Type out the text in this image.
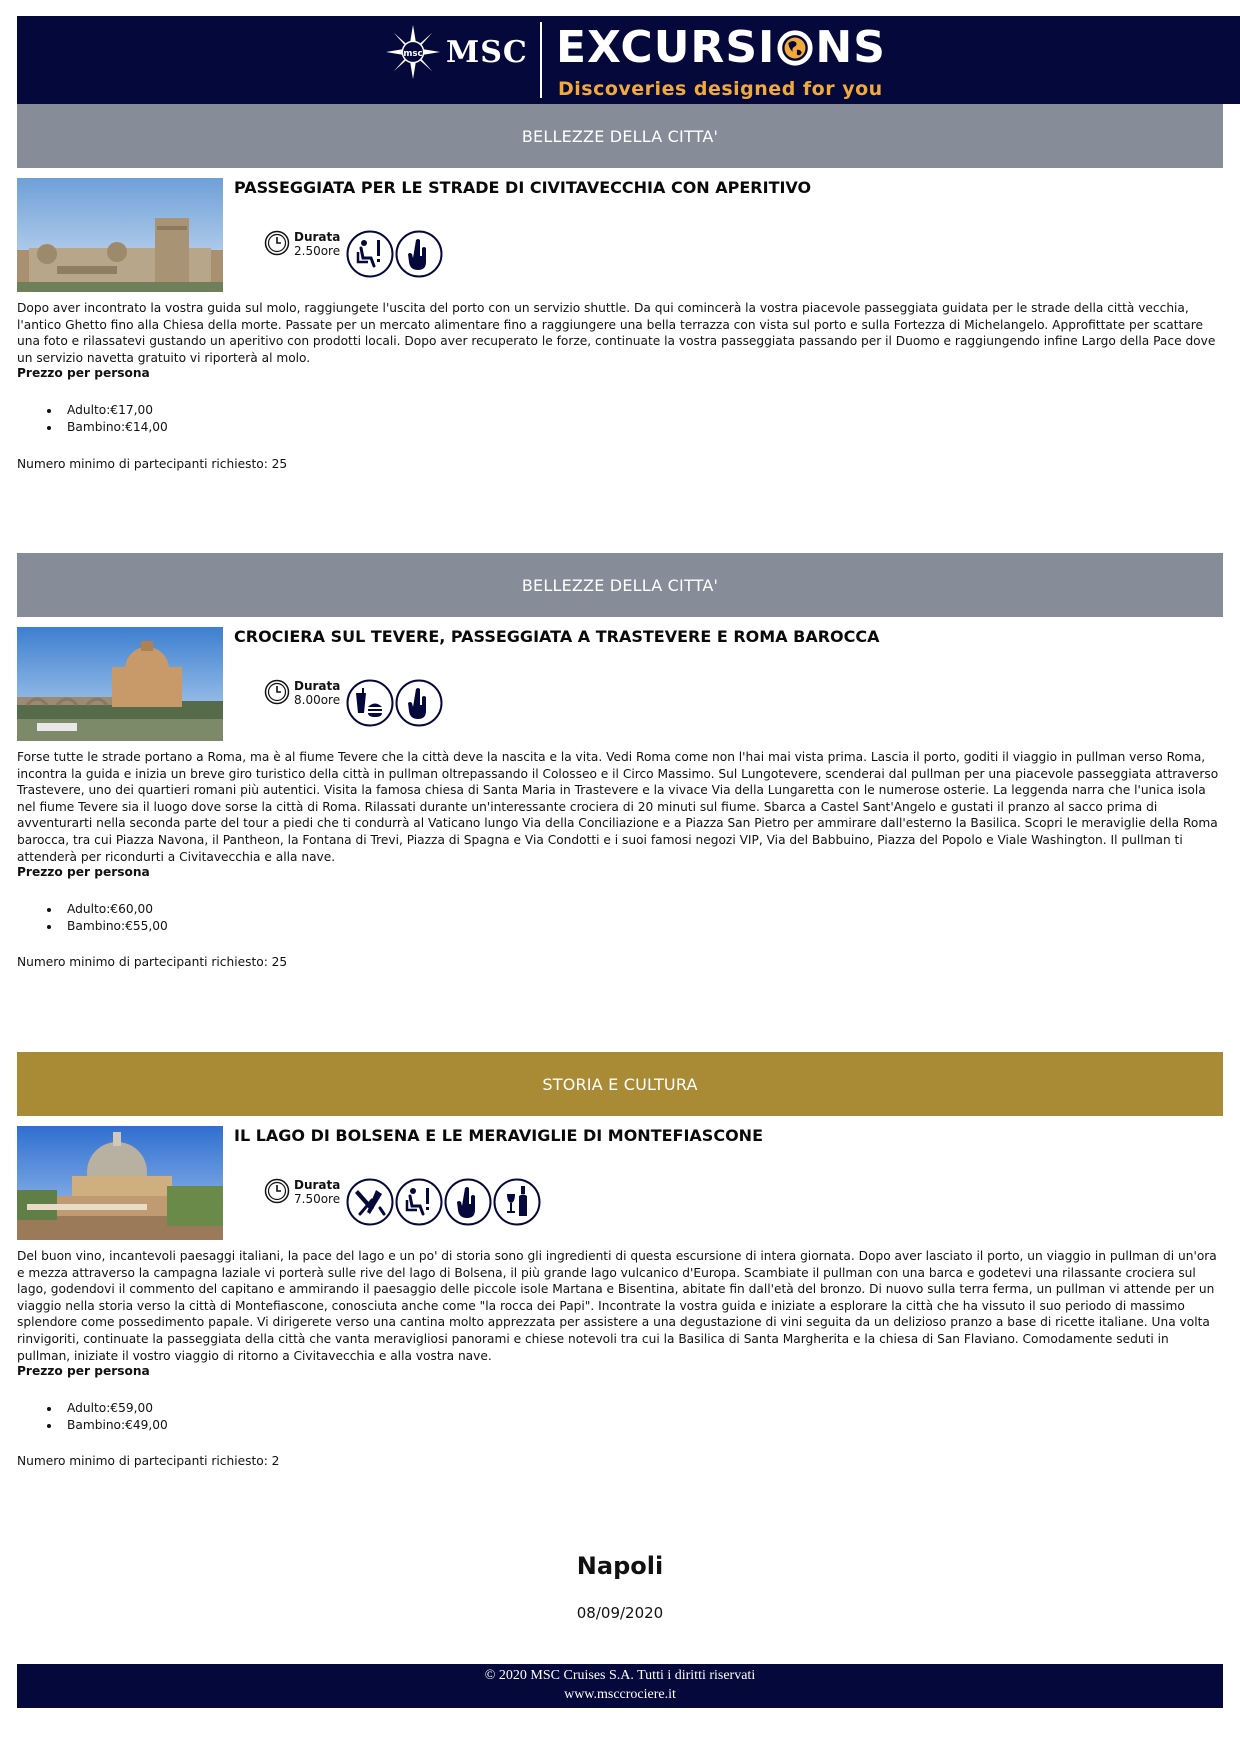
msc MSC EXCURSI NS
Discoveries designed for you
BELLEZZE DELLA CITTA'
PASSEGGIATA PER LE STRADE DI CIVITAVECCHIA CON APERITIVO
Durata
2.50ore
Dopo aver incontrato la vostra guida sul molo, raggiungete l'uscita del porto con un servizio shuttle. Da qui comincerà la vostra piacevole passeggiata guidata per le strade della città vecchia, l'antico Ghetto fino alla Chiesa della morte. Passate per un mercato alimentare fino a raggiungere una bella terrazza con vista sul porto e sulla Fortezza di Michelangelo. Approfittate per scattare una foto e rilassatevi gustando un aperitivo con prodotti locali. Dopo aver recuperato le forze, continuate la vostra passeggiata passando per il Duomo e raggiungendo infine Largo della Pace dove un servizio navetta gratuito vi riporterà al molo.
Prezzo per persona
• Adulto:€17,00
• Bambino:€14,00
Numero minimo di partecipanti richiesto: 25
BELLEZZE DELLA CITTA'
CROCIERA SUL TEVERE, PASSEGGIATA A TRASTEVERE E ROMA BAROCCA
Durata
8.00ore
Forse tutte le strade portano a Roma, ma è al fiume Tevere che la città deve la nascita e la vita. Vedi Roma come non l'hai mai vista prima. Lascia il porto, goditi il viaggio in pullman verso Roma, incontra la guida e inizia un breve giro turistico della città in pullman oltrepassando il Colosseo e il Circo Massimo. Sul Lungotevere, scenderai dal pullman per una piacevole passeggiata attraverso Trastevere, uno dei quartieri romani più autentici. Visita la famosa chiesa di Santa Maria in Trastevere e la vivace Via della Lungaretta con le numerose osterie. La leggenda narra che l'unica isola nel fiume Tevere sia il luogo dove sorse la città di Roma. Rilassati durante un'interessante crociera di 20 minuti sul fiume. Sbarca a Castel Sant'Angelo e gustati il pranzo al sacco prima di avventurarti nella seconda parte del tour a piedi che ti condurrà al Vaticano lungo Via della Conciliazione e a Piazza San Pietro per ammirare dall'esterno la Basilica. Scopri le meraviglie della Roma barocca, tra cui Piazza Navona, il Pantheon, la Fontana di Trevi, Piazza di Spagna e Via Condotti e i suoi famosi negozi VIP, Via del Babbuino, Piazza del Popolo e Viale Washington. Il pullman ti attenderà per ricondurti a Civitavecchia e alla nave.
Prezzo per persona
• Adulto:€60,00
• Bambino:€55,00
Numero minimo di partecipanti richiesto: 25
STORIA E CULTURA
IL LAGO DI BOLSENA E LE MERAVIGLIE DI MONTEFIASCONE
Durata
7.50ore
Del buon vino, incantevoli paesaggi italiani, la pace del lago e un po' di storia sono gli ingredienti di questa escursione di intera giornata. Dopo aver lasciato il porto, un viaggio in pullman di un'ora e mezza attraverso la campagna laziale vi porterà sulle rive del lago di Bolsena, il più grande lago vulcanico d'Europa. Scambiate il pullman con una barca e godetevi una rilassante crociera sul lago, godendovi il commento del capitano e ammirando il paesaggio delle piccole isole Martana e Bisentina, abitate fin dall'età del bronzo. Di nuovo sulla terra ferma, un pullman vi attende per un viaggio nella storia verso la città di Montefiascone, conosciuta anche come "la rocca dei Papi". Incontrate la vostra guida e iniziate a esplorare la città che ha vissuto il suo periodo di massimo splendore come possedimento papale. Vi dirigerete verso una cantina molto apprezzata per assistere a una degustazione di vini seguita da un delizioso pranzo a base di ricette italiane. Una volta rinvigoriti, continuate la passeggiata della città che vanta meravigliosi panorami e chiese notevoli tra cui la Basilica di Santa Margherita e la chiesa di San Flaviano. Comodamente seduti in pullman, iniziate il vostro viaggio di ritorno a Civitavecchia e alla vostra nave.
Prezzo per persona
• Adulto:€59,00
• Bambino:€49,00
Numero minimo di partecipanti richiesto: 2
Napoli
08/09/2020
© 2020 MSC Cruises S.A. Tutti i diritti riservati
www.msccrociere.it
